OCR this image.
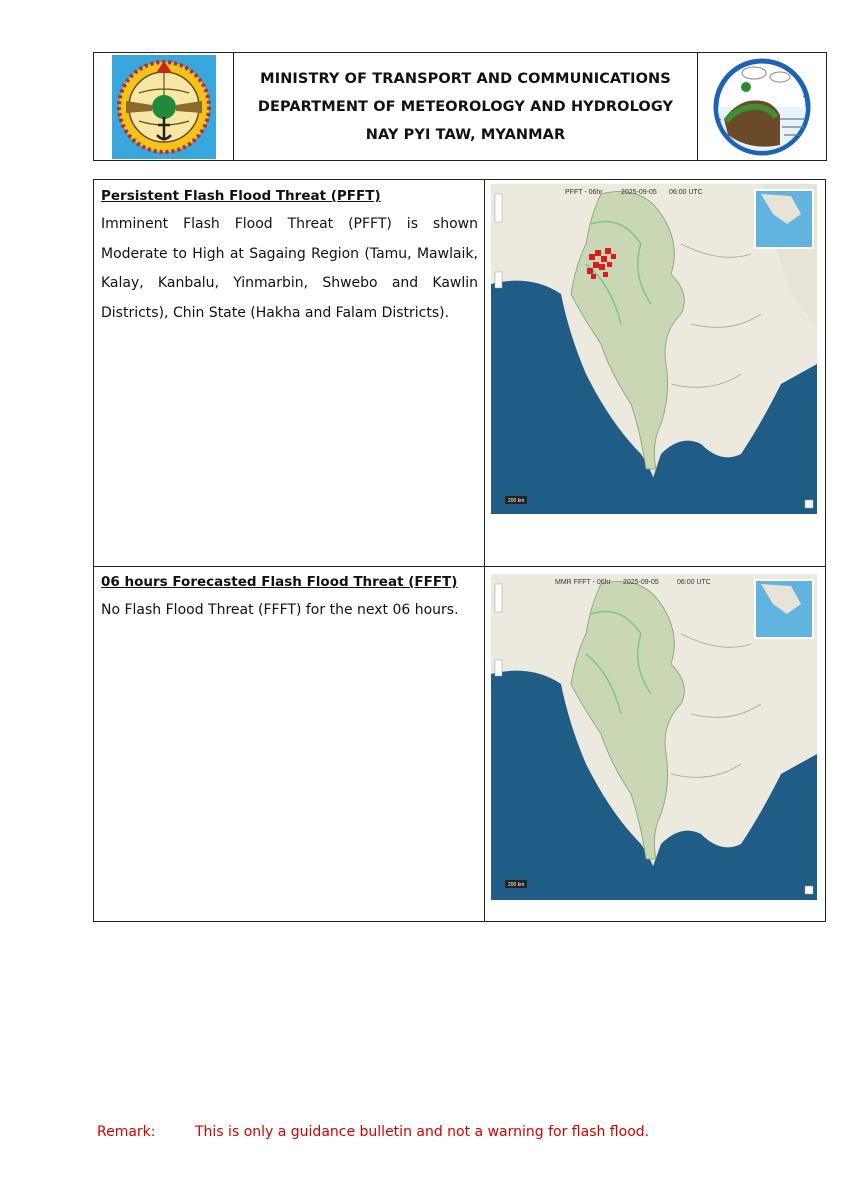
MINISTRY OF TRANSPORT AND COMMUNICATIONS
DEPARTMENT OF METEOROLOGY AND HYDROLOGY
NAY PYI TAW, MYANMAR

Persistent Flash Flood Threat (PFFT)

Imminent Flash Flood Threat (PFFT) is shown Moderate to High at Sagaing Region (Tamu, Mawlaik, Kalay, Kanbalu, Yinmarbin, Shwebo and Kawlin Districts), Chin State (Hakha and Falam Districts).

PFFT - 06hr	2025-09-05 06:00 UTC
200 km

06 hours Forecasted Flash Flood Threat (FFFT)

No Flash Flood Threat (FFFT) for the next 06 hours.

MMR FFFT - 06hr 2025-09-05	06:00 UTC
200 km
Remark:	This is only a guidance bulletin and not a warning for flash flood.
